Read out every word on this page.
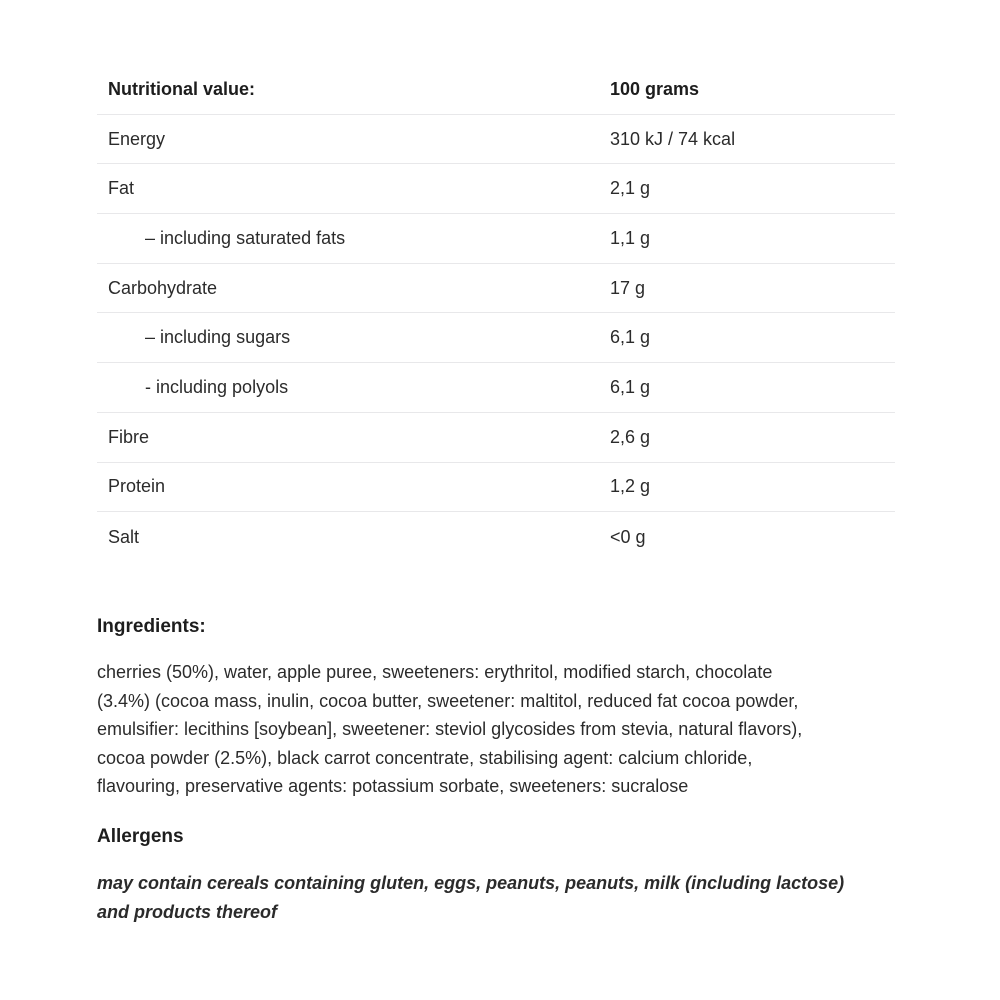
Nutritional value:	100 grams
Energy	310 kJ / 74 kcal
Fat	2,1 g
– including saturated fats	1,1 g
Carbohydrate	17 g
– including sugars	6,1 g
- including polyols	6,1 g
Fibre	2,6 g
Protein	1,2 g
Salt	<0 g
Ingredients:
cherries (50%), water, apple puree, sweeteners: erythritol, modified starch, chocolate
(3.4%) (cocoa mass, inulin, cocoa butter, sweetener: maltitol, reduced fat cocoa powder,
emulsifier: lecithins [soybean], sweetener: steviol glycosides from stevia, natural flavors),
cocoa powder (2.5%), black carrot concentrate, stabilising agent: calcium chloride,
flavouring, preservative agents: potassium sorbate, sweeteners: sucralose
Allergens
may contain cereals containing gluten, eggs, peanuts, peanuts, milk (including lactose)
and products thereof
